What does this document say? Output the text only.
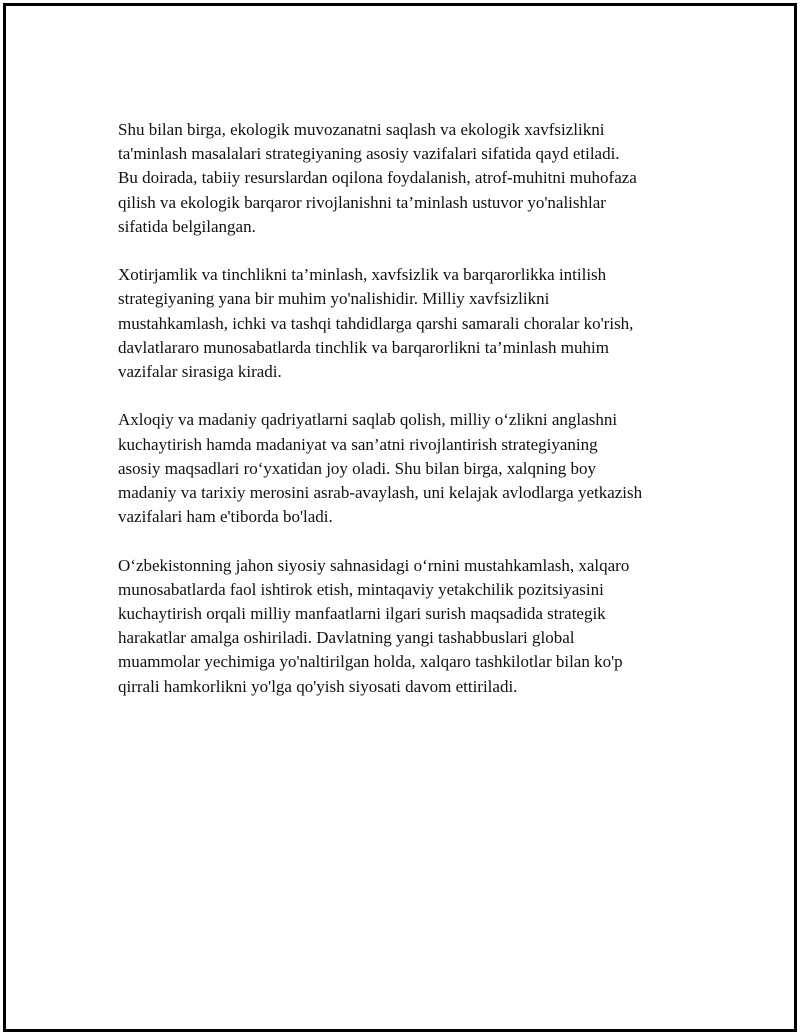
Shu bilan birga, ekologik muvozanatni saqlash va ekologik xavfsizlikni
ta'minlash masalalari strategiyaning asosiy vazifalari sifatida qayd etiladi.
Bu doirada, tabiiy resurslardan oqilona foydalanish, atrof-muhitni muhofaza
qilish va ekologik barqaror rivojlanishni ta’minlash ustuvor yo'nalishlar
sifatida belgilangan.

Xotirjamlik va tinchlikni ta’minlash, xavfsizlik va barqarorlikka intilish
strategiyaning yana bir muhim yo'nalishidir. Milliy xavfsizlikni
mustahkamlash, ichki va tashqi tahdidlarga qarshi samarali choralar ko'rish,
davlatlararo munosabatlarda tinchlik va barqarorlikni ta’minlash muhim
vazifalar sirasiga kiradi.

Axloqiy va madaniy qadriyatlarni saqlab qolish, milliy o‘zlikni anglashni
kuchaytirish hamda madaniyat va san’atni rivojlantirish strategiyaning
asosiy maqsadlari ro‘yxatidan joy oladi. Shu bilan birga, xalqning boy
madaniy va tarixiy merosini asrab-avaylash, uni kelajak avlodlarga yetkazish
vazifalari ham e'tiborda bo'ladi.

O‘zbekistonning jahon siyosiy sahnasidagi o‘rnini mustahkamlash, xalqaro
munosabatlarda faol ishtirok etish, mintaqaviy yetakchilik pozitsiyasini
kuchaytirish orqali milliy manfaatlarni ilgari surish maqsadida strategik
harakatlar amalga oshiriladi. Davlatning yangi tashabbuslari global
muammolar yechimiga yo'naltirilgan holda, xalqaro tashkilotlar bilan ko'p
qirrali hamkorlikni yo'lga qo'yish siyosati davom ettiriladi.
